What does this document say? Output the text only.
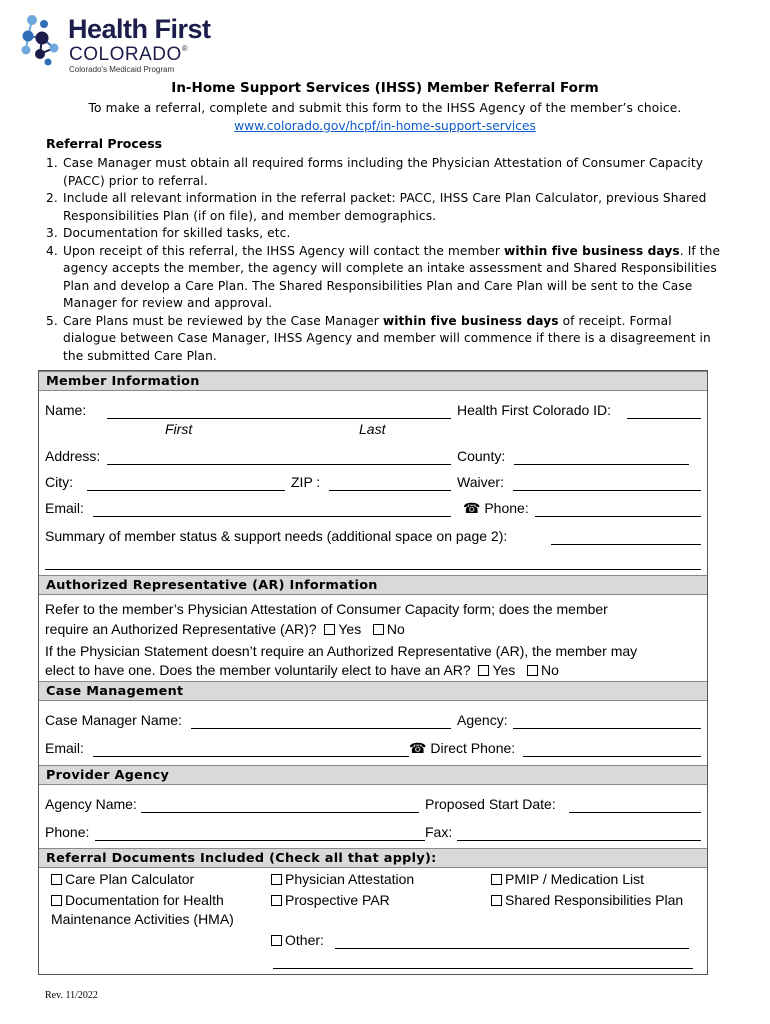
Health First
COLORADO®
Colorado's Medicaid Program
In-Home Support Services (IHSS) Member Referral Form
To make a referral, complete and submit this form to the IHSS Agency of the member’s choice.
www.colorado.gov/hcpf/in-home-support-services
Referral Process
1. Case Manager must obtain all required forms including the Physician Attestation of Consumer Capacity (PACC) prior to referral.
2. Include all relevant information in the referral packet: PACC, IHSS Care Plan Calculator, previous Shared Responsibilities Plan (if on file), and member demographics.
3. Documentation for skilled tasks, etc.
4. Upon receipt of this referral, the IHSS Agency will contact the member within five business days. If the agency accepts the member, the agency will complete an intake assessment and Shared Responsibilities Plan and develop a Care Plan. The Shared Responsibilities Plan and Care Plan will be sent to the Case Manager for review and approval.
5. Care Plans must be reviewed by the Case Manager within five business days of receipt. Formal dialogue between Case Manager, IHSS Agency and member will commence if there is a disagreement in the submitted Care Plan.
Member Information
Name:	Health First Colorado ID:
First	Last
Address:	County:
City:	ZIP :	Waiver:
Email:	☎ Phone:
Summary of member status & support needs (additional space on page 2):
Authorized Representative (AR) Information
Refer to the member’s Physician Attestation of Consumer Capacity form; does the member
require an Authorized Representative (AR)? Yes No
If the Physician Statement doesn’t require an Authorized Representative (AR), the member may
elect to have one. Does the member voluntarily elect to have an AR? Yes No
Case Management
Case Manager Name:	Agency:
Email:	☎ Direct Phone:
Provider Agency
Agency Name:	Proposed Start Date:
Phone:	Fax:
Referral Documents Included (Check all that apply):
Care Plan Calculator
Documentation for Health
Maintenance Activities (HMA)
Physician Attestation
Prospective PAR
PMIP / Medication List
Shared Responsibilities Plan
Other:
Rev. 11/2022
